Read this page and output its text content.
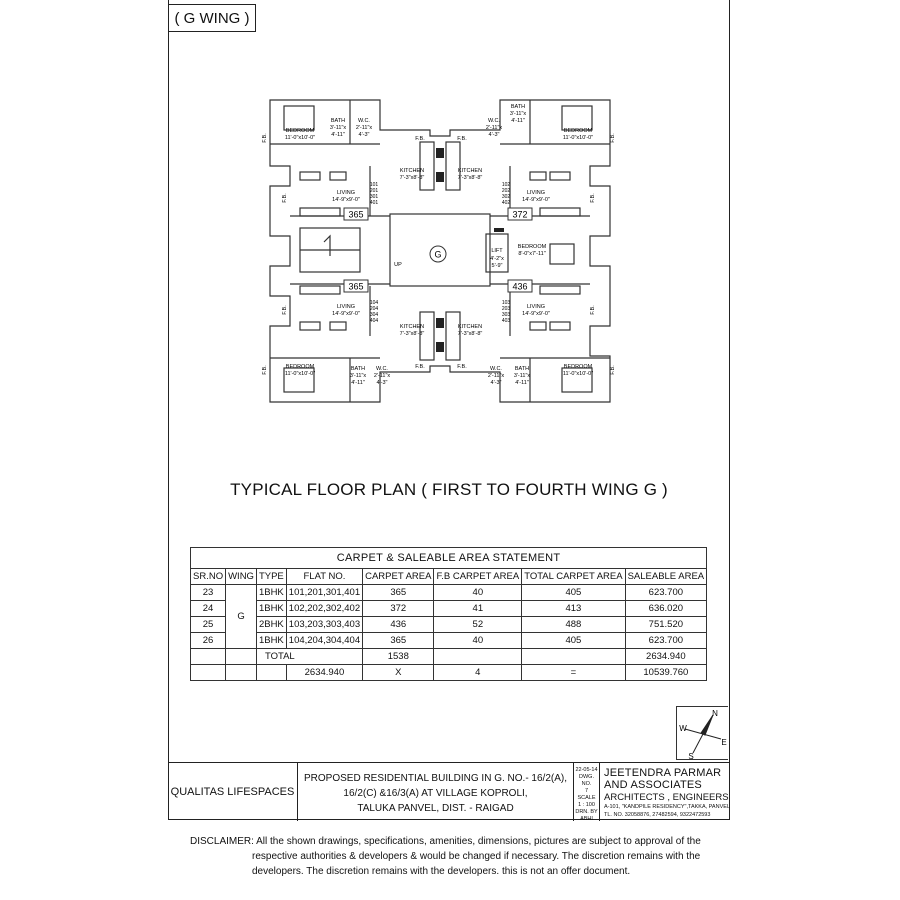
( G WING )
G
365	372
365	436
BEDROOM
11'-0"x10'-0"
BATH
3'-11"x
4'-11"
W.C.
2'-11"x
4'-3"
KITCHEN
7'-3"x8'-8"
LIVING
14'-9"x9'-0"
BEDROOM
11'-0"x10'-0"
BATH
3'-11"x
4'-11"
W.C.
2'-11"x
4'-3"
KITCHEN
7'-3"x8'-8"
LIVING
14'-9"x9'-0"
LIFT
4'-2"x
5'-9"
BEDROOM
8'-0"x7'-11"
UP
LIVING
14'-9"x9'-0"
KITCHEN
7'-3"x8'-8"
BEDROOM
11'-0"x10'-0"
BATH
3'-11"x
4'-11"
W.C.
2'-11"x
4'-3"
LIVING
14'-9"x9'-0"
KITCHEN
7'-3"x8'-8"
BEDROOM
11'-0"x10'-0"
W.C.
2'-11"x
4'-3"
BATH
3'-11"x
4'-11"
F.B.	F.B.
F.B.	F.B.
F.B.	F.B.
F.B.	F.B.
F.B.	F.B.
F.B.	F.B.
101
201
301
401
102
202
302
402
104
204
304
404
103
203
303
403
TYPICAL FLOOR PLAN ( FIRST TO FOURTH WING G )
CARPET & SALEABLE AREA STATEMENT							
SR.NO	WING	TYPE	FLAT NO.	CARPET AREA	F.B CARPET AREA	TOTAL CARPET AREA	SALEABLE AREA
23	G	1BHK	101,201,301,401	365	40	405	623.700
24		1BHK	102,202,302,402	372	41	413	636.020
25		2BHK	103,203,303,403	436	52	488	751.520
26		1BHK	104,204,304,404	365	40	405	623.700
		TOTAL		1538			2634.940
			2634.940	X	4	=	10539.760
N
S
E
W
QUALITAS LIFESPACES
PROPOSED RESIDENTIAL BUILDING IN G. NO.- 16/2(A),
16/2(C) &16/3(A) AT VILLAGE KOPROLI,
TALUKA PANVEL, DIST. - RAIGAD
22-05-14
DWG. NO.
7
SCALE
1 : 100
DRN. BY
ABHI
JEETENDRA PARMAR
AND ASSOCIATES
ARCHITECTS , ENGINEERS
A-101, "KANDPILE RESIDENCY",TAKKA, PANVEL
TL. NO. 32058876, 27482594, 9322472593
DISCLAIMER: All the shown drawings, specifications, amenities, dimensions, pictures are subject to approval of the
respective authorities & developers & would be changed if necessary. The discretion remains with the
developers. The discretion remains with the developers. this is not an offer document.
